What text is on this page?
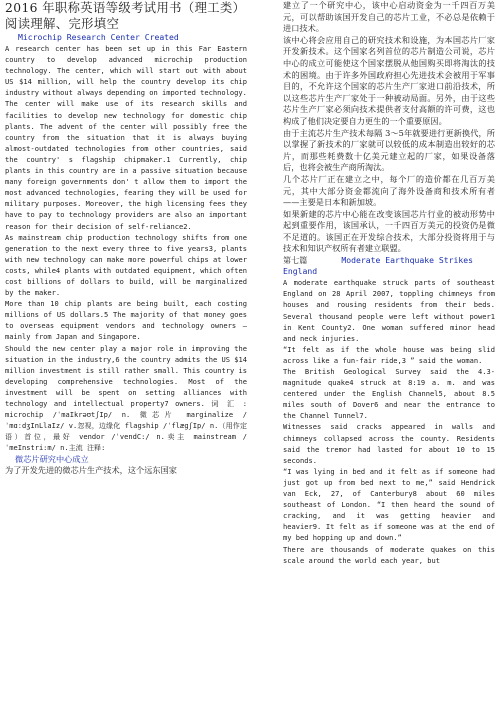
2016 年职称英语等级考试用书（理工类）阅读理解、完形填空
Microchip Research Center Created

A research center has been set up in this Far Eastern country to develop advanced microchip production technology. The center, which will start out with about US $14 million, will help the country develop its chip industry without always depending on imported technology.

The center will make use of its research skills and facilities to develop new technology for domestic chip plants. The advent of the center will possibly free the country from the situation that it is always buying almost-outdated technologies from other countries, said the country' s flagship chipmaker.1 Currently, chip plants in this country are in a passive situation because many foreign governments don' t allow them to import the most advanced technologies, fearing they will be used for military purposes. Moreover, the high licensing fees they have to pay to technology providers are also an important reason for their decision of self-reliance2.

As mainstream chip production technology shifts from one generation to the next every three to five years3, plants with new technology can make more powerful chips at lower costs, while4 plants with outdated equipment, which often cost billions of dollars to build, will be marginalized by the maker.

More than 10 chip plants are being built, each costing millions of US dollars.5 The majority of that money goes to overseas equipment vendors and technology owners — mainly from Japan and Singapore.

Should the new center play a major role in improving the situation in the industry,6 the country admits the US $14 million investment is still rather small. This country is developing comprehensive technologies. Most of the investment will be spent on setting alliances with technology and intellectual property7 owners. 词 汇 : microchip /ˈmaIkrəʊtʃIp/ n. 微芯片 marginalize /ˈmɑːdʒInLlaIz/ v.忽视，边缘化 flagship /ˈflæɡʃIp/ n.（用作定语）首位，最好 vendor /ˈvendC:/ n.卖主 mainstream /ˈmeInstri:m/ n.主流 注释:

微芯片研究中心成立

为了开发先进的微芯片生产技术，这个远东国家

建立了一个研究中心，该中心启动资金为一千四百万美元，可以帮助该国开发自己的芯片工业，不必总是依赖于进口技术。

该中心将会应用自己的研究技术和设施，为本国芯片厂家开发新技术。这个国家名列首位的芯片制造公司说，芯片中心的成立可能使这个国家摆脱从他国购买即将淘汰的技术的困境。由于许多外国政府担心先进技术会被用于军事目的，不允许这个国家的芯片生产厂家进口前沿技术，所以这些芯片生产厂家处于一种被动局面。另外，由于这些芯片生产厂家必须向技术提供者支付高额的许可费，这也构成了他们决定要自力更生的一个重要原因。

由于主流芯片生产技术每隔 3～5年就要进行更新换代，所以掌握了新技术的厂家就可以较低的成本制造出较好的芯片，而那些耗费数十亿美元建立起的厂家，如果设备落后，也将会被生产商所淘汰。

几个芯片厂正在建立之中，每个厂的造价都在几百万美元，其中大部分资金都流向了海外设备商和技术所有者——主要是日本和新加坡。

如果新建的芯片中心能在改变该国芯片行业的被动形势中起到重要作用，该国承认，一千四百万美元的投资仍是微不足道的。该国正在开发综合技术，大部分投资将用于与技术和知识产权所有者建立联盟。

第七篇	Moderate Earthquake Strikes England

A moderate earthquake struck parts of southeast England on 28 April 2007, toppling chimneys from houses and rousing residents from their beds. Several thousand people were left without power1 in Kent County2. One woman suffered minor head and neck injuries.

“It felt as if the whole house was being slid across like a fun-fair ride,3 ” said the woman.

The British Geological Survey said the 4.3-magnitude quake4 struck at 8:19 a. m. and was centered under the English Channel5, about 8.5 miles south of Dover6 and near the entrance to the Channel Tunnel7.

Witnesses said cracks appeared in walls and chimneys collapsed across the county. Residents said the tremor had lasted for about 10 to 15 seconds.

“I was lying in bed and it felt as if someone had just got up from bed next to me,” said Hendrick van Eck, 27, of Canterbury8 about 60 miles southeast of London. “I then heard the sound of cracking, and it was getting heavier and heavier9. It felt as if someone was at the end of my bed hopping up and down.”

There are thousands of moderate quakes on this scale around the world each year, but
